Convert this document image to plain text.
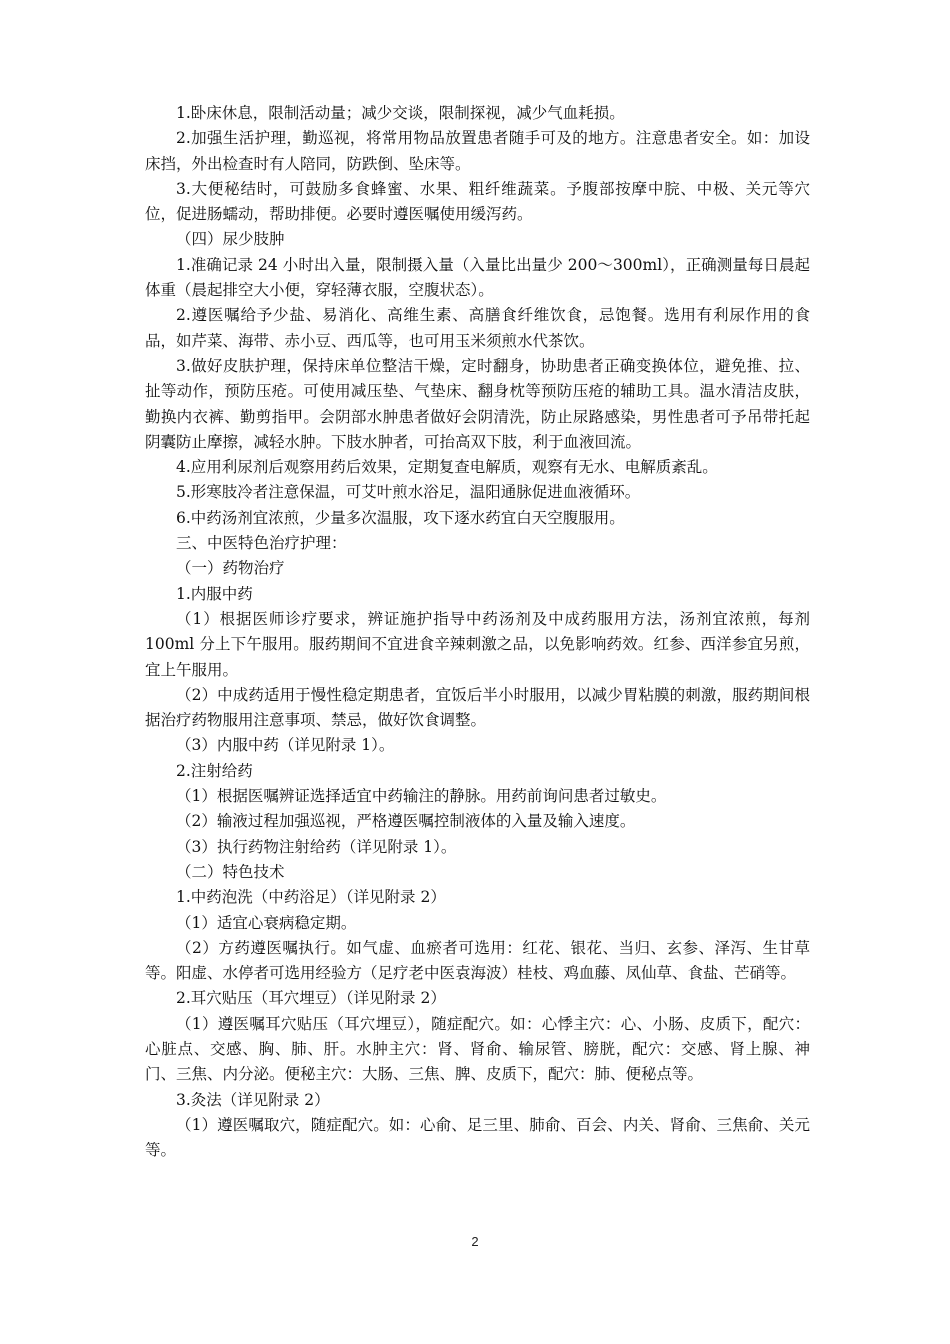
1.卧床休息，限制活动量；减少交谈，限制探视，减少气血耗损。

2.加强生活护理，勤巡视，将常用物品放置患者随手可及的地方。注意患者安全。如：加设床挡，外出检查时有人陪同，防跌倒、坠床等。

3.大便秘结时，可鼓励多食蜂蜜、水果、粗纤维蔬菜。予腹部按摩中脘、中极、关元等穴位，促进肠蠕动，帮助排便。必要时遵医嘱使用缓泻药。

（四）尿少肢肿

1.准确记录 24 小时出入量，限制摄入量（入量比出量少 200～300ml），正确测量每日晨起体重（晨起排空大小便，穿轻薄衣服，空腹状态）。

2.遵医嘱给予少盐、易消化、高维生素、高膳食纤维饮食，忌饱餐。选用有利尿作用的食品，如芹菜、海带、赤小豆、西瓜等，也可用玉米须煎水代茶饮。

3.做好皮肤护理，保持床单位整洁干燥，定时翻身，协助患者正确变换体位，避免推、拉、扯等动作，预防压疮。可使用减压垫、气垫床、翻身枕等预防压疮的辅助工具。温水清洁皮肤，勤换内衣裤、勤剪指甲。会阴部水肿患者做好会阴清洗，防止尿路感染，男性患者可予吊带托起阴囊防止摩擦，减轻水肿。下肢水肿者，可抬高双下肢，利于血液回流。

4.应用利尿剂后观察用药后效果，定期复查电解质，观察有无水、电解质紊乱。

5.形寒肢冷者注意保温，可艾叶煎水浴足，温阳通脉促进血液循环。

6.中药汤剂宜浓煎，少量多次温服，攻下逐水药宜白天空腹服用。

三、中医特色治疗护理：

（一）药物治疗

1.内服中药

（1）根据医师诊疗要求，辨证施护指导中药汤剂及中成药服用方法，汤剂宜浓煎，每剂 100ml 分上下午服用。服药期间不宜进食辛辣刺激之品，以免影响药效。红参、西洋参宜另煎，宜上午服用。

（2）中成药适用于慢性稳定期患者，宜饭后半小时服用，以减少胃粘膜的刺激，服药期间根据治疗药物服用注意事项、禁忌，做好饮食调整。

（3）内服中药（详见附录 1）。

2.注射给药

（1）根据医嘱辨证选择适宜中药输注的静脉。用药前询问患者过敏史。

（2）输液过程加强巡视，严格遵医嘱控制液体的入量及输入速度。

（3）执行药物注射给药（详见附录 1）。

（二）特色技术

1.中药泡洗（中药浴足）（详见附录 2）

（1）适宜心衰病稳定期。

（2）方药遵医嘱执行。如气虚、血瘀者可选用：红花、银花、当归、玄参、泽泻、生甘草等。阳虚、水停者可选用经验方（足疗老中医袁海波）桂枝、鸡血藤、凤仙草、食盐、芒硝等。

2.耳穴贴压（耳穴埋豆）（详见附录 2）

（1）遵医嘱耳穴贴压（耳穴埋豆），随症配穴。如：心悸主穴：心、小肠、皮质下，配穴：心脏点、交感、胸、肺、肝。水肿主穴：肾、肾俞、输尿管、膀胱，配穴：交感、肾上腺、神门、三焦、内分泌。便秘主穴：大肠、三焦、脾、皮质下，配穴：肺、便秘点等。

3.灸法（详见附录 2）

（1）遵医嘱取穴，随症配穴。如：心俞、足三里、肺俞、百会、内关、肾俞、三焦俞、关元等。

2
